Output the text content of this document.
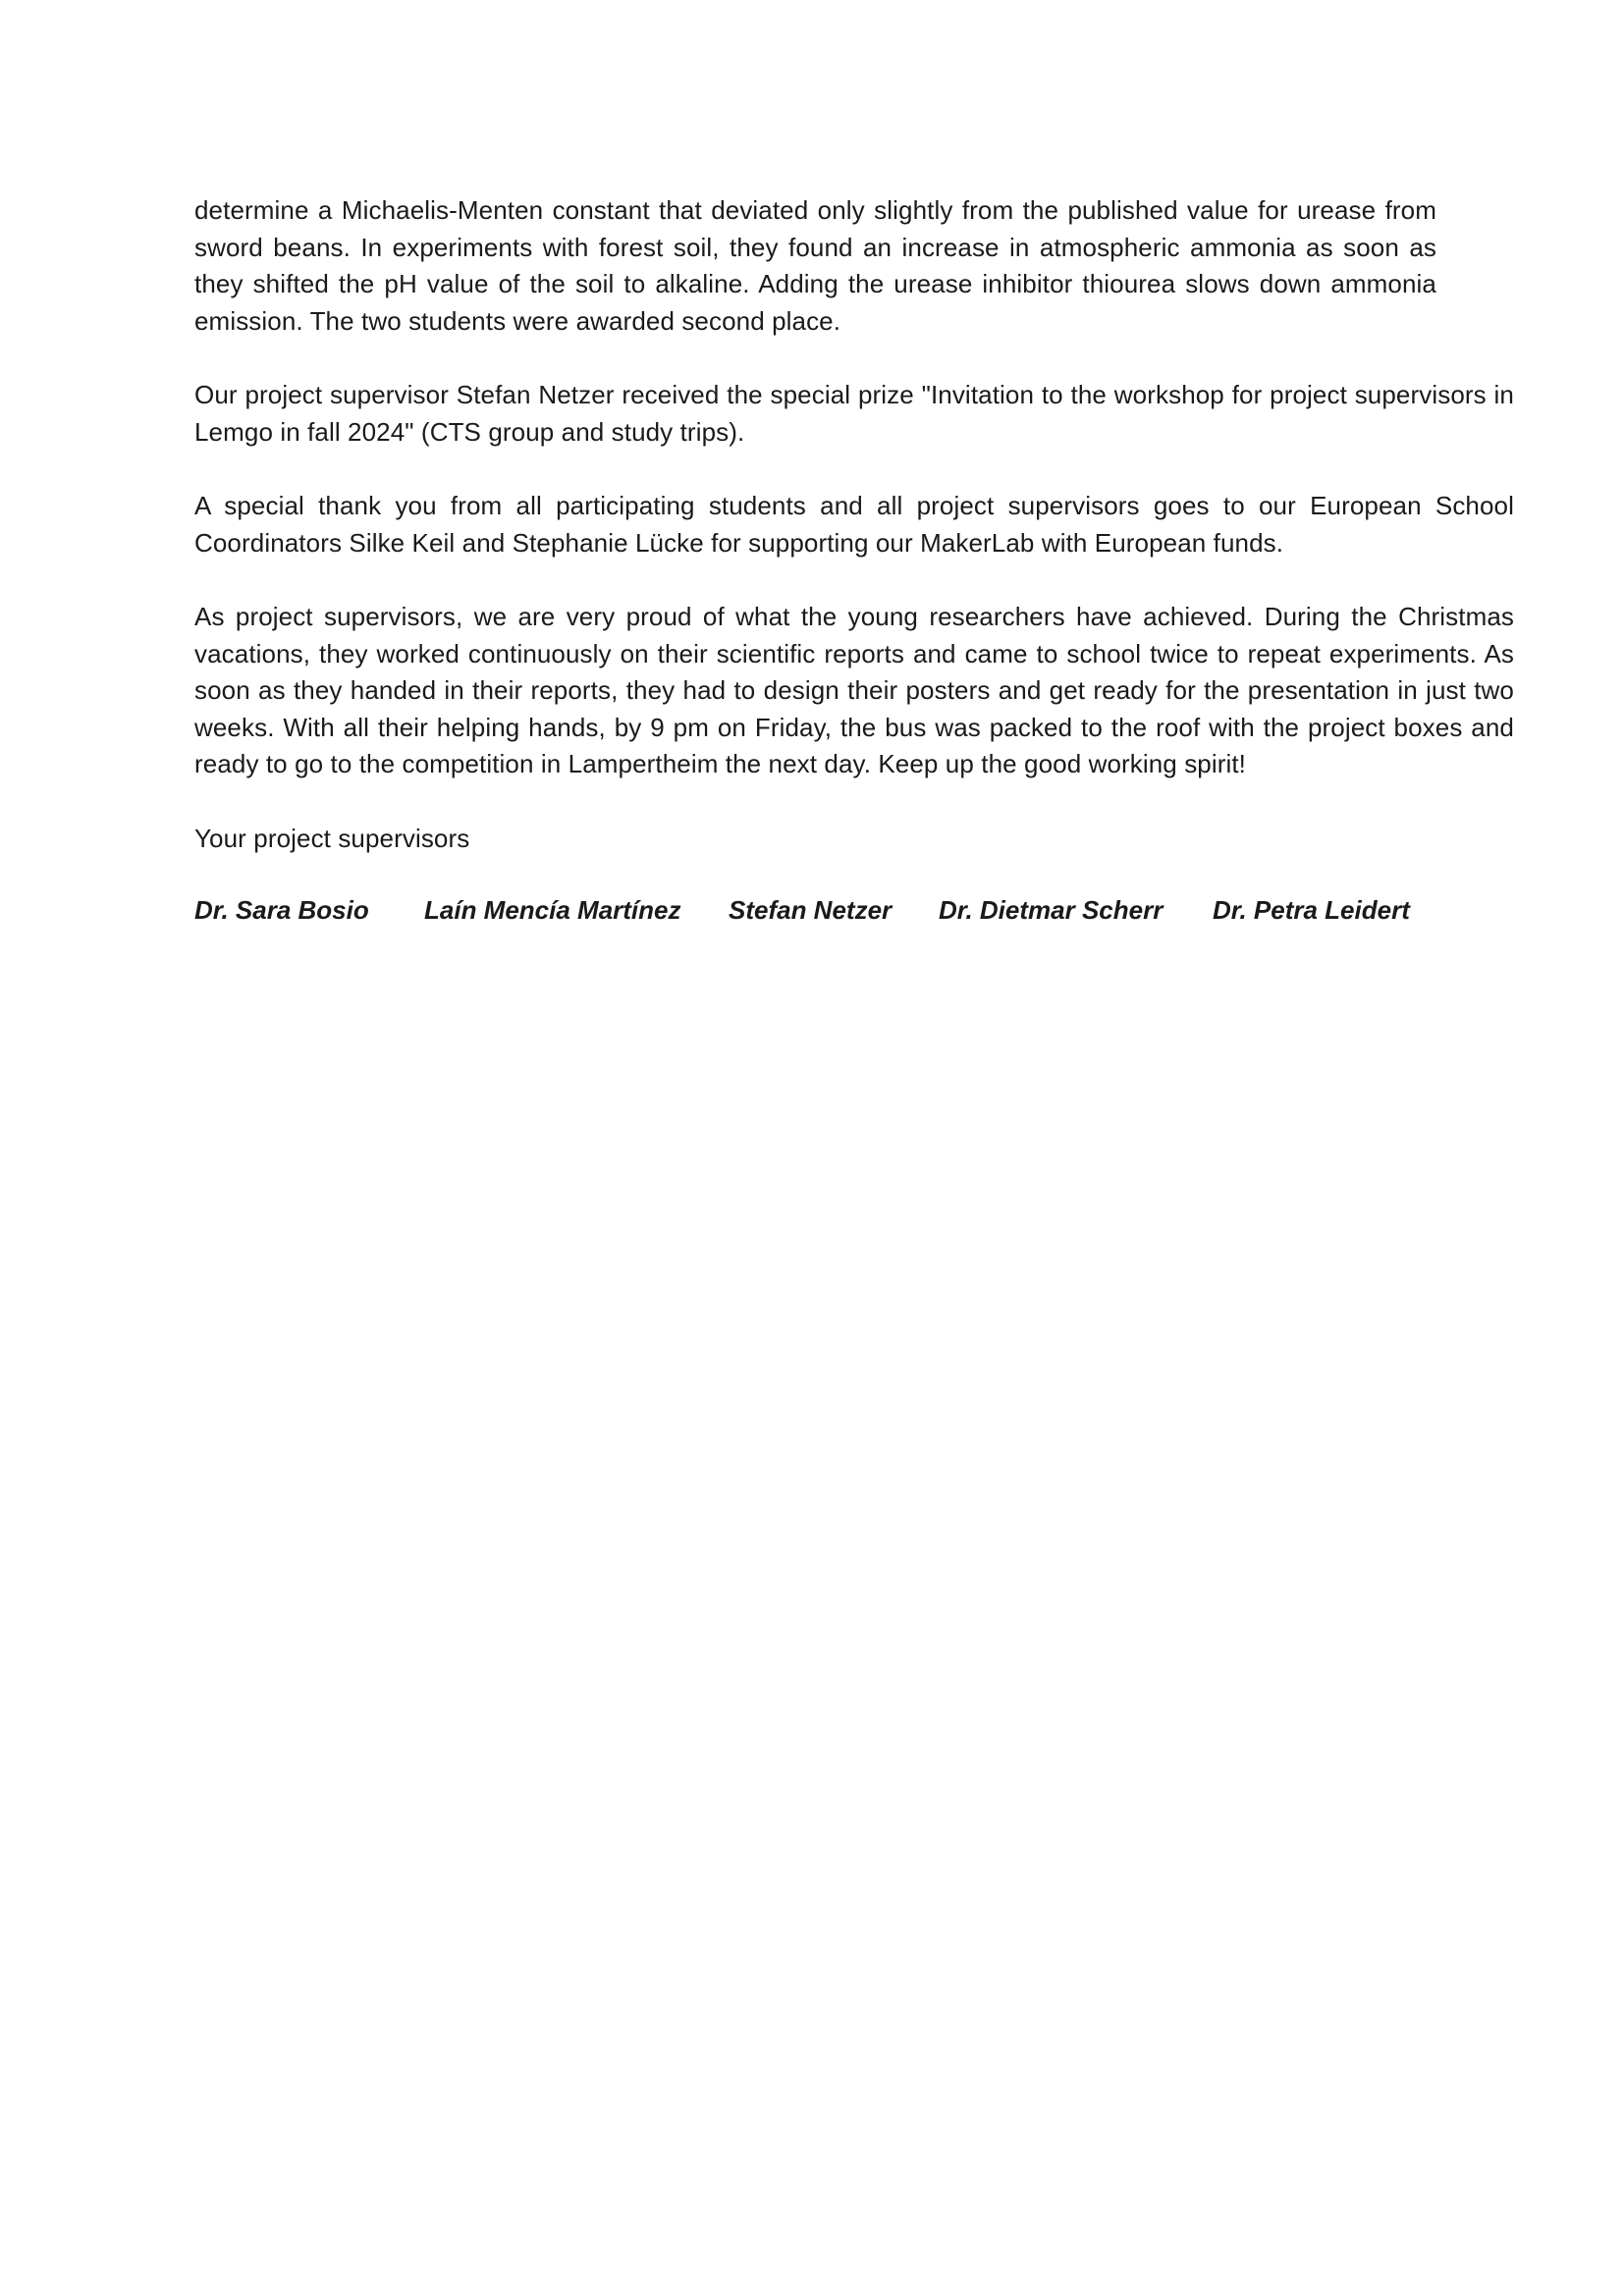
determine a Michaelis-Menten constant that deviated only slightly from the published value for urease from sword beans. In experiments with forest soil, they found an increase in atmospheric ammonia as soon as they shifted the pH value of the soil to alkaline. Adding the urease inhibitor thiourea slows down ammonia emission. The two students were awarded second place.

Our project supervisor Stefan Netzer received the special prize "Invitation to the workshop for project supervisors in Lemgo in fall 2024" (CTS group and study trips).

A special thank you from all participating students and all project supervisors goes to our European School Coordinators Silke Keil and Stephanie Lücke for supporting our MakerLab with European funds.

As project supervisors, we are very proud of what the young researchers have achieved. During the Christmas vacations, they worked continuously on their scientific reports and came to school twice to repeat experiments. As soon as they handed in their reports, they had to design their posters and get ready for the presentation in just two weeks. With all their helping hands, by 9 pm on Friday, the bus was packed to the roof with the project boxes and ready to go to the competition in Lampertheim the next day. Keep up the good working spirit!

Your project supervisors

Dr. Sara Bosio	Laín Mencía Martínez	Stefan Netzer	Dr. Dietmar Scherr	Dr. Petra Leidert
